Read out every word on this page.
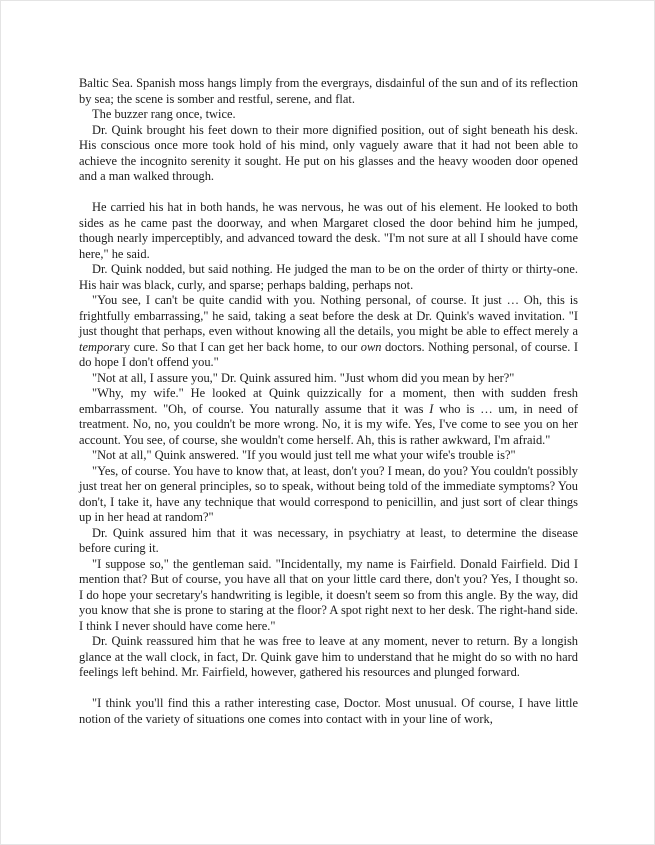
Baltic Sea. Spanish moss hangs limply from the evergrays, disdainful of the sun and of its reflection by sea; the scene is somber and restful, serene, and flat.

The buzzer rang once, twice.

Dr. Quink brought his feet down to their more dignified position, out of sight beneath his desk. His conscious once more took hold of his mind, only vaguely aware that it had not been able to achieve the incognito serenity it sought. He put on his glasses and the heavy wooden door opened and a man walked through.

He carried his hat in both hands, he was nervous, he was out of his element. He looked to both sides as he came past the doorway, and when Margaret closed the door behind him he jumped, though nearly imperceptibly, and advanced toward the desk. "I'm not sure at all I should have come here," he said.

Dr. Quink nodded, but said nothing. He judged the man to be on the order of thirty or thirty-one. His hair was black, curly, and sparse; perhaps balding, perhaps not.

"You see, I can't be quite candid with you. Nothing personal, of course. It just … Oh, this is frightfully embarrassing," he said, taking a seat before the desk at Dr. Quink's waved invitation. "I just thought that perhaps, even without knowing all the details, you might be able to effect merely a temporary cure. So that I can get her back home, to our own doctors. Nothing personal, of course. I do hope I don't offend you."

"Not at all, I assure you," Dr. Quink assured him. "Just whom did you mean by her?"

"Why, my wife." He looked at Quink quizzically for a moment, then with sudden fresh embarrassment. "Oh, of course. You naturally assume that it was I who is … um, in need of treatment. No, no, you couldn't be more wrong. No, it is my wife. Yes, I've come to see you on her account. You see, of course, she wouldn't come herself. Ah, this is rather awkward, I'm afraid."

"Not at all," Quink answered. "If you would just tell me what your wife's trouble is?"

"Yes, of course. You have to know that, at least, don't you? I mean, do you? You couldn't possibly just treat her on general principles, so to speak, without being told of the immediate symptoms? You don't, I take it, have any technique that would correspond to penicillin, and just sort of clear things up in her head at random?"

Dr. Quink assured him that it was necessary, in psychiatry at least, to determine the disease before curing it.

"I suppose so," the gentleman said. "Incidentally, my name is Fairfield. Donald Fairfield. Did I mention that? But of course, you have all that on your little card there, don't you? Yes, I thought so. I do hope your secretary's handwriting is legible, it doesn't seem so from this angle. By the way, did you know that she is prone to staring at the floor? A spot right next to her desk. The right-hand side. I think I never should have come here."

Dr. Quink reassured him that he was free to leave at any moment, never to return. By a longish glance at the wall clock, in fact, Dr. Quink gave him to understand that he might do so with no hard feelings left behind. Mr. Fairfield, however, gathered his resources and plunged forward.

"I think you'll find this a rather interesting case, Doctor. Most unusual. Of course, I have little notion of the variety of situations one comes into contact with in your line of work,
